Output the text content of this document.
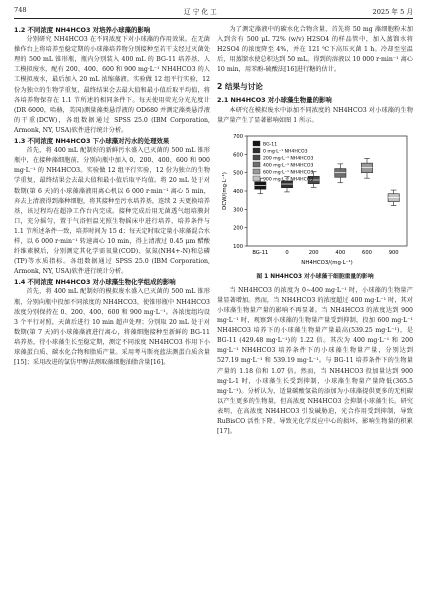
748	辽 宁 化 工	2025 年 5 月
1.2 不同浓度 NH4HCO3 对培养小球藻的影响

分别研究 NH4HCO3 在不同浓度下对小球藻的作用效果。在无菌操作台上将培养至稳定期的小球藻培养物分别接种至若干支经过灭菌处理的 500 mL 锥形瓶，瓶内分别装入 400 mL 的 BG-11 培养基、人工模拟废水，配有 200、400、600 和 900 mg·L⁻¹ NH4HCO3 的人工模拟废水，最后加入 20 mL 浓缩藻液。实验做 12 组平行实验，12 份为独立的生物学重复，最终结果会去最大值和最小值后取平均值，将各培养物保存在 1.1 节所述的相同条件下。每天使用荧光分光光度计(DR 6000，哈赫，美国)测量藻类悬浮液的 OD680 并测定藻类悬浮液的干重(DCW)，各组数据通过 SPSS 25.0 (IBM Corporation, Armonk, NY, USA)软件进行统计分析。

1.3 不同浓度 NH4HCO3 下小球藻对污水的处理效果

首先，将 400 mL 配制好的新鲜污水盛入已灭菌的 500 mL 锥形瓶中，在接种藻细胞前，分别向瓶中加入 0、200、400、600 和 900 mg·L⁻¹ 的 NH4HCO3。实验做 12 组平行实验，12 份为独立的生物学重复，最终结果会去最大值和最小值后取平均值。将 20 mL 处于对数期(第 6 天)的小球藻藻液用离心机以 6 000 r·min⁻¹ 离心 5 min，弃去上清液得到藻种细胞，将其接种至污水培养基，连续 2 天更换培养基，该过程均在超净工作台内完成。接种完成后用无菌透气组培膜封口，充分摇匀，置于气浴恒温光照生物摇床中进行培养，培养条件与 1.1 节所述条件一致，培养时间为 15 d；每天定时取定量小球藻混合水样，以 6 000 r·min⁻¹ 转速离心 10 min，得上清液过 0.45 μm 醋酸纤维素膜后，分别测定其化学需氧量(COD)、氨氮(NH4+-N)和总磷(TP)等水质指标。各组数据通过 SPSS 25.0 (IBM Corporation, Armonk, NY, USA)软件进行统计分析。

1.4 不同浓度 NH4HCO3 对小球藻生物化学组成的影响

首先，将 400 mL 配制好的模拟废水盛入已灭菌的 500 mL 锥形瓶，分别向瓶中投加不同浓度的 NH4HCO3，使锥形瓶中 NH4HCO3 浓度分别保持在 0、200、400、600 和 900 mg·L⁻¹。各浓度组均设 3 个平行对照，天菌后进行 10 min 超声处理；分别取 20 mL 处于对数期(第 7 天)的小球藻藻液进行离心，将藻细胞接种至新鲜的 BG-11 培养基，待小球藻生长至稳定期，测定不同浓度 NH4HCO3 作用下小球藻蛋白质、碳水化合物和脂质产量。采用考马斯亮蓝法测蛋白质含量[15]；采用改进的氯仿甲醇法测取藻细胞油脂含量[16]。

为了测定藻液中的碳水化合物含量，首先将 50 mg 藻细胞粉末加入到含有 500 μL 72% (w/v) H2SO4 的样品管中，加入蒸馏水将 H2SO4 的浓度降至 4%，并在 121 ℃下高压灭菌 1 h。冷却至室温后，用蒸馏水使总积达到 50 mL。得到的溶液以 10 000 r·min⁻¹ 离心 10 min，用苯酚-硫酸法[16]进行糖的估计。

2 结果与讨论
2.1 NH4HCO3 对小球藻生物量的影响

本研究在模拟废水中添加不同浓度的 NH4HCO3 对小球藻的生物量产量产生了显著影响如图 1 所示。

100
200
300
400
500
600
700
BG-11	0	200	400	600	900
NH4HCO3/(mg·L⁻¹)
DCW/(mg·L⁻¹)
BG-11
0 mg·L⁻¹ NH4HCO3
200 mg·L⁻¹ NH4HCO3
400 mg·L⁻¹ NH4HCO3
600 mg·L⁻¹ NH4HCO3
900 mg·L⁻¹ NH4HCO3
图 1 NH4HCO3 对小球藻干细胞重量的影响

当 NH4HCO3 的浓度为 0~400 mg·L⁻¹ 时，小球藻的生物量产量显著增加。然而，当 NH4HCO3 的浓度超过 400 mg·L⁻¹ 时，其对小球藻生物量产量的影响不再显著。当 NH4HCO3 的浓度达到 900 mg·L⁻¹ 时，观察到小球藻的生物量产量受到抑制，投加 600 mg·L⁻¹ NH4HCO3 培养下的小球藻生物量产量最高(539.25 mg·L⁻¹)，是 BG-11 (429.48 mg·L⁻¹)的 1.22 倍。其次为 400 mg·L⁻¹ 和 200 mg·L⁻¹ NH4HCO3 培养条件下的小球藻生物量产量，分别达到 527.19 mg·L⁻¹ 和 539.19 mg·L⁻¹。与 BG-11 培养条件下的生物量产量的 1.18 倍和 1.07 倍。然而，当 NH4HCO3 投加量达到 900 mg·L-1 时，小球藻生长受到抑制，小球藻生物量产量降低(365.5 mg·L⁻¹)。分析认为，适量碳酸氢盐的添加为小球藻提供更多的无机碳以产生更多的生物量，但高浓度 NH4HCO3 会抑制小球藻生长。研究表明，在高浓度 NH4HCO3 引发碱胁迫，光合作用受到抑制，导致 RuBisCO 活性下降、导致光化学反应中心的损坏，影响生物量的积累[17]。
